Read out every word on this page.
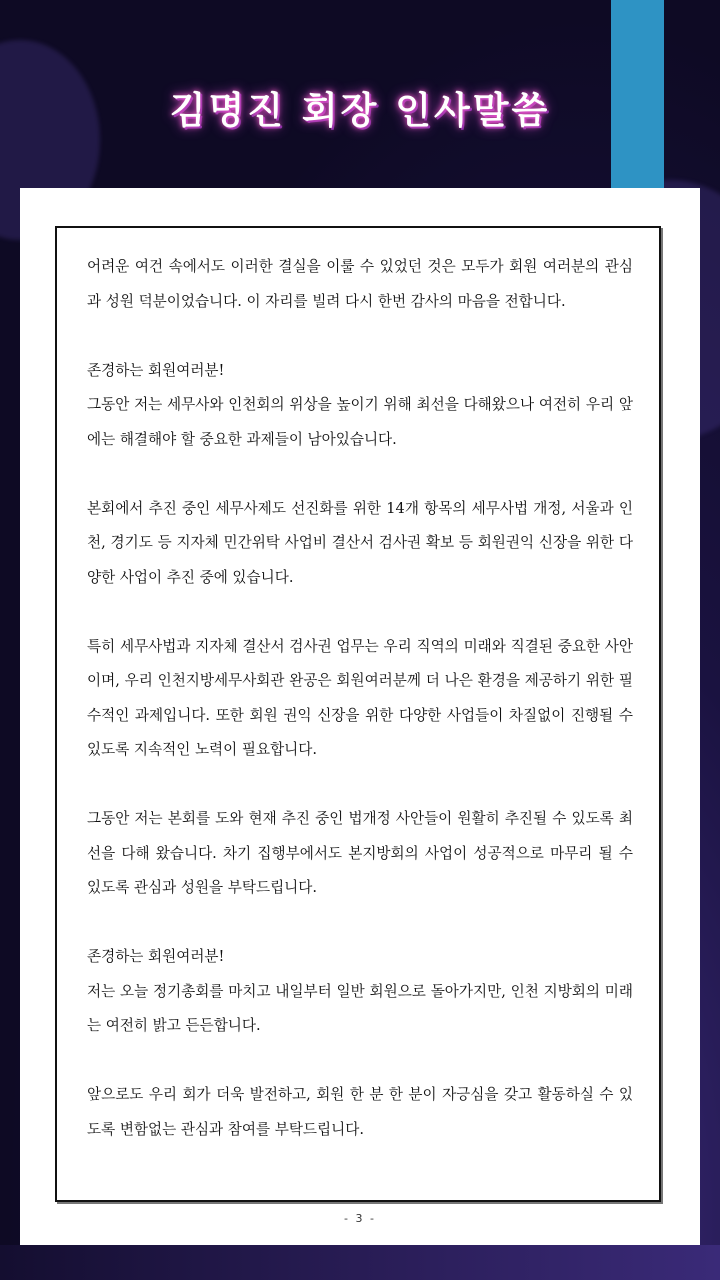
김명진 회장 인사말씀

어려운 여건 속에서도 이러한 결실을 이룰 수 있었던 것은 모두가 회원 여러분의 관심과 성원 덕분이었습니다. 이 자리를 빌려 다시 한번 감사의 마음을 전합니다.

존경하는 회원여러분!
그동안 저는 세무사와 인천회의 위상을 높이기 위해 최선을 다해왔으나 여전히 우리 앞에는 해결해야 할 중요한 과제들이 남아있습니다.

본회에서 추진 중인 세무사제도 선진화를 위한 14개 항목의 세무사법 개정, 서울과 인천, 경기도 등 지자체 민간위탁 사업비 결산서 검사권 확보 등 회원권익 신장을 위한 다양한 사업이 추진 중에 있습니다.

특히 세무사법과 지자체 결산서 검사권 업무는 우리 직역의 미래와 직결된 중요한 사안이며, 우리 인천지방세무사회관 완공은 회원여러분께 더 나은 환경을 제공하기 위한 필수적인 과제입니다. 또한 회원 권익 신장을 위한 다양한 사업들이 차질없이 진행될 수 있도록 지속적인 노력이 필요합니다.

그동안 저는 본회를 도와 현재 추진 중인 법개정 사안들이 원활히 추진될 수 있도록 최선을 다해 왔습니다. 차기 집행부에서도 본지방회의 사업이 성공적으로 마무리 될 수 있도록 관심과 성원을 부탁드립니다.

존경하는 회원여러분!
저는 오늘 정기총회를 마치고 내일부터 일반 회원으로 돌아가지만, 인천 지방회의 미래는 여전히 밝고 든든합니다.

앞으로도 우리 회가 더욱 발전하고, 회원 한 분 한 분이 자긍심을 갖고 활동하실 수 있도록 변함없는 관심과 참여를 부탁드립니다.

- 3 -
